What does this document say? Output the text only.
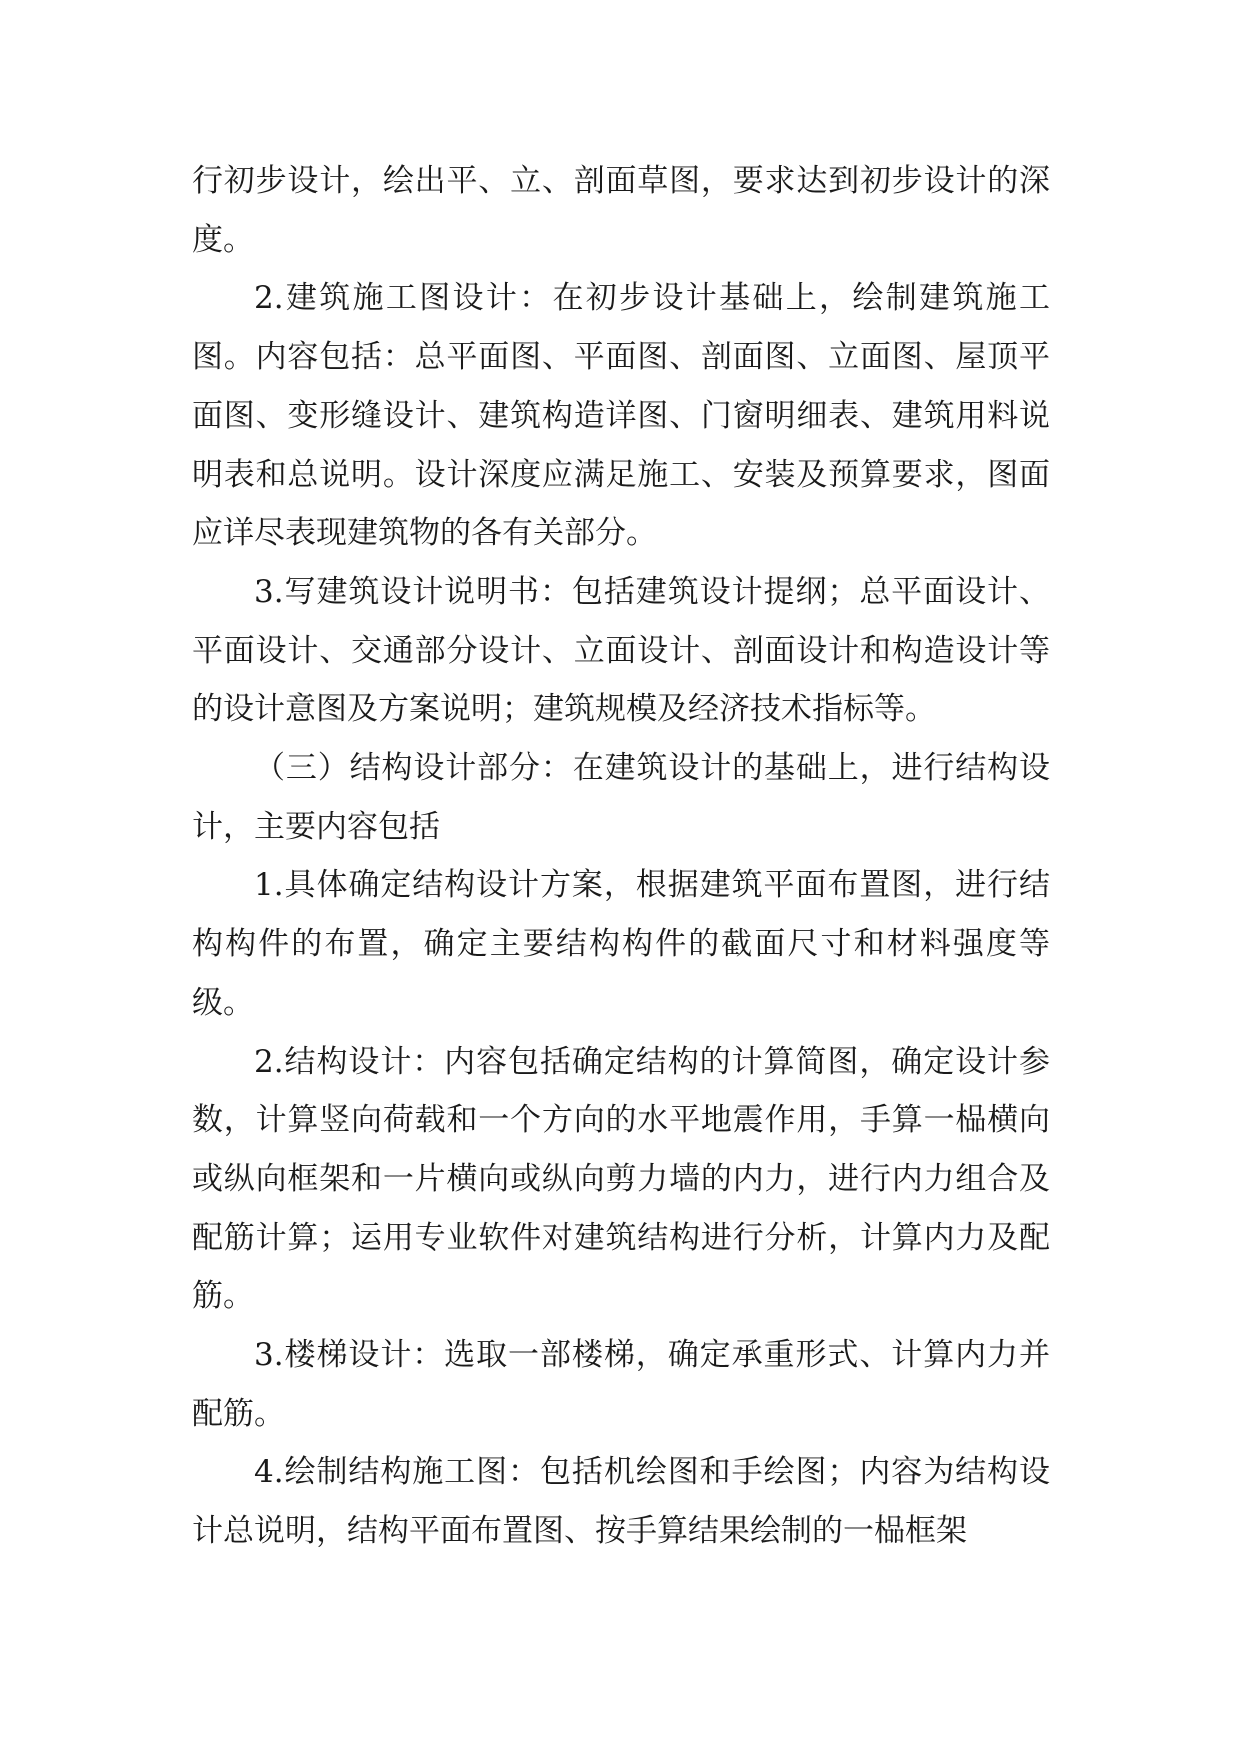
行初步设计，绘出平、立、剖面草图，要求达到初步设计的深度。

2.建筑施工图设计：在初步设计基础上，绘制建筑施工图。内容包括：总平面图、平面图、剖面图、立面图、屋顶平面图、变形缝设计、建筑构造详图、门窗明细表、建筑用料说明表和总说明。设计深度应满足施工、安装及预算要求，图面应详尽表现建筑物的各有关部分。

3.写建筑设计说明书：包括建筑设计提纲；总平面设计、平面设计、交通部分设计、立面设计、剖面设计和构造设计等的设计意图及方案说明；建筑规模及经济技术指标等。

（三）结构设计部分：在建筑设计的基础上，进行结构设计，主要内容包括

1.具体确定结构设计方案，根据建筑平面布置图，进行结构构件的布置，确定主要结构构件的截面尺寸和材料强度等级。

2.结构设计：内容包括确定结构的计算简图，确定设计参数，计算竖向荷载和一个方向的水平地震作用，手算一榀横向或纵向框架和一片横向或纵向剪力墙的内力，进行内力组合及配筋计算；运用专业软件对建筑结构进行分析，计算内力及配筋。

3.楼梯设计：选取一部楼梯，确定承重形式、计算内力并配筋。

4.绘制结构施工图：包括机绘图和手绘图；内容为结构设计总说明，结构平面布置图、按手算结果绘制的一榀框架
